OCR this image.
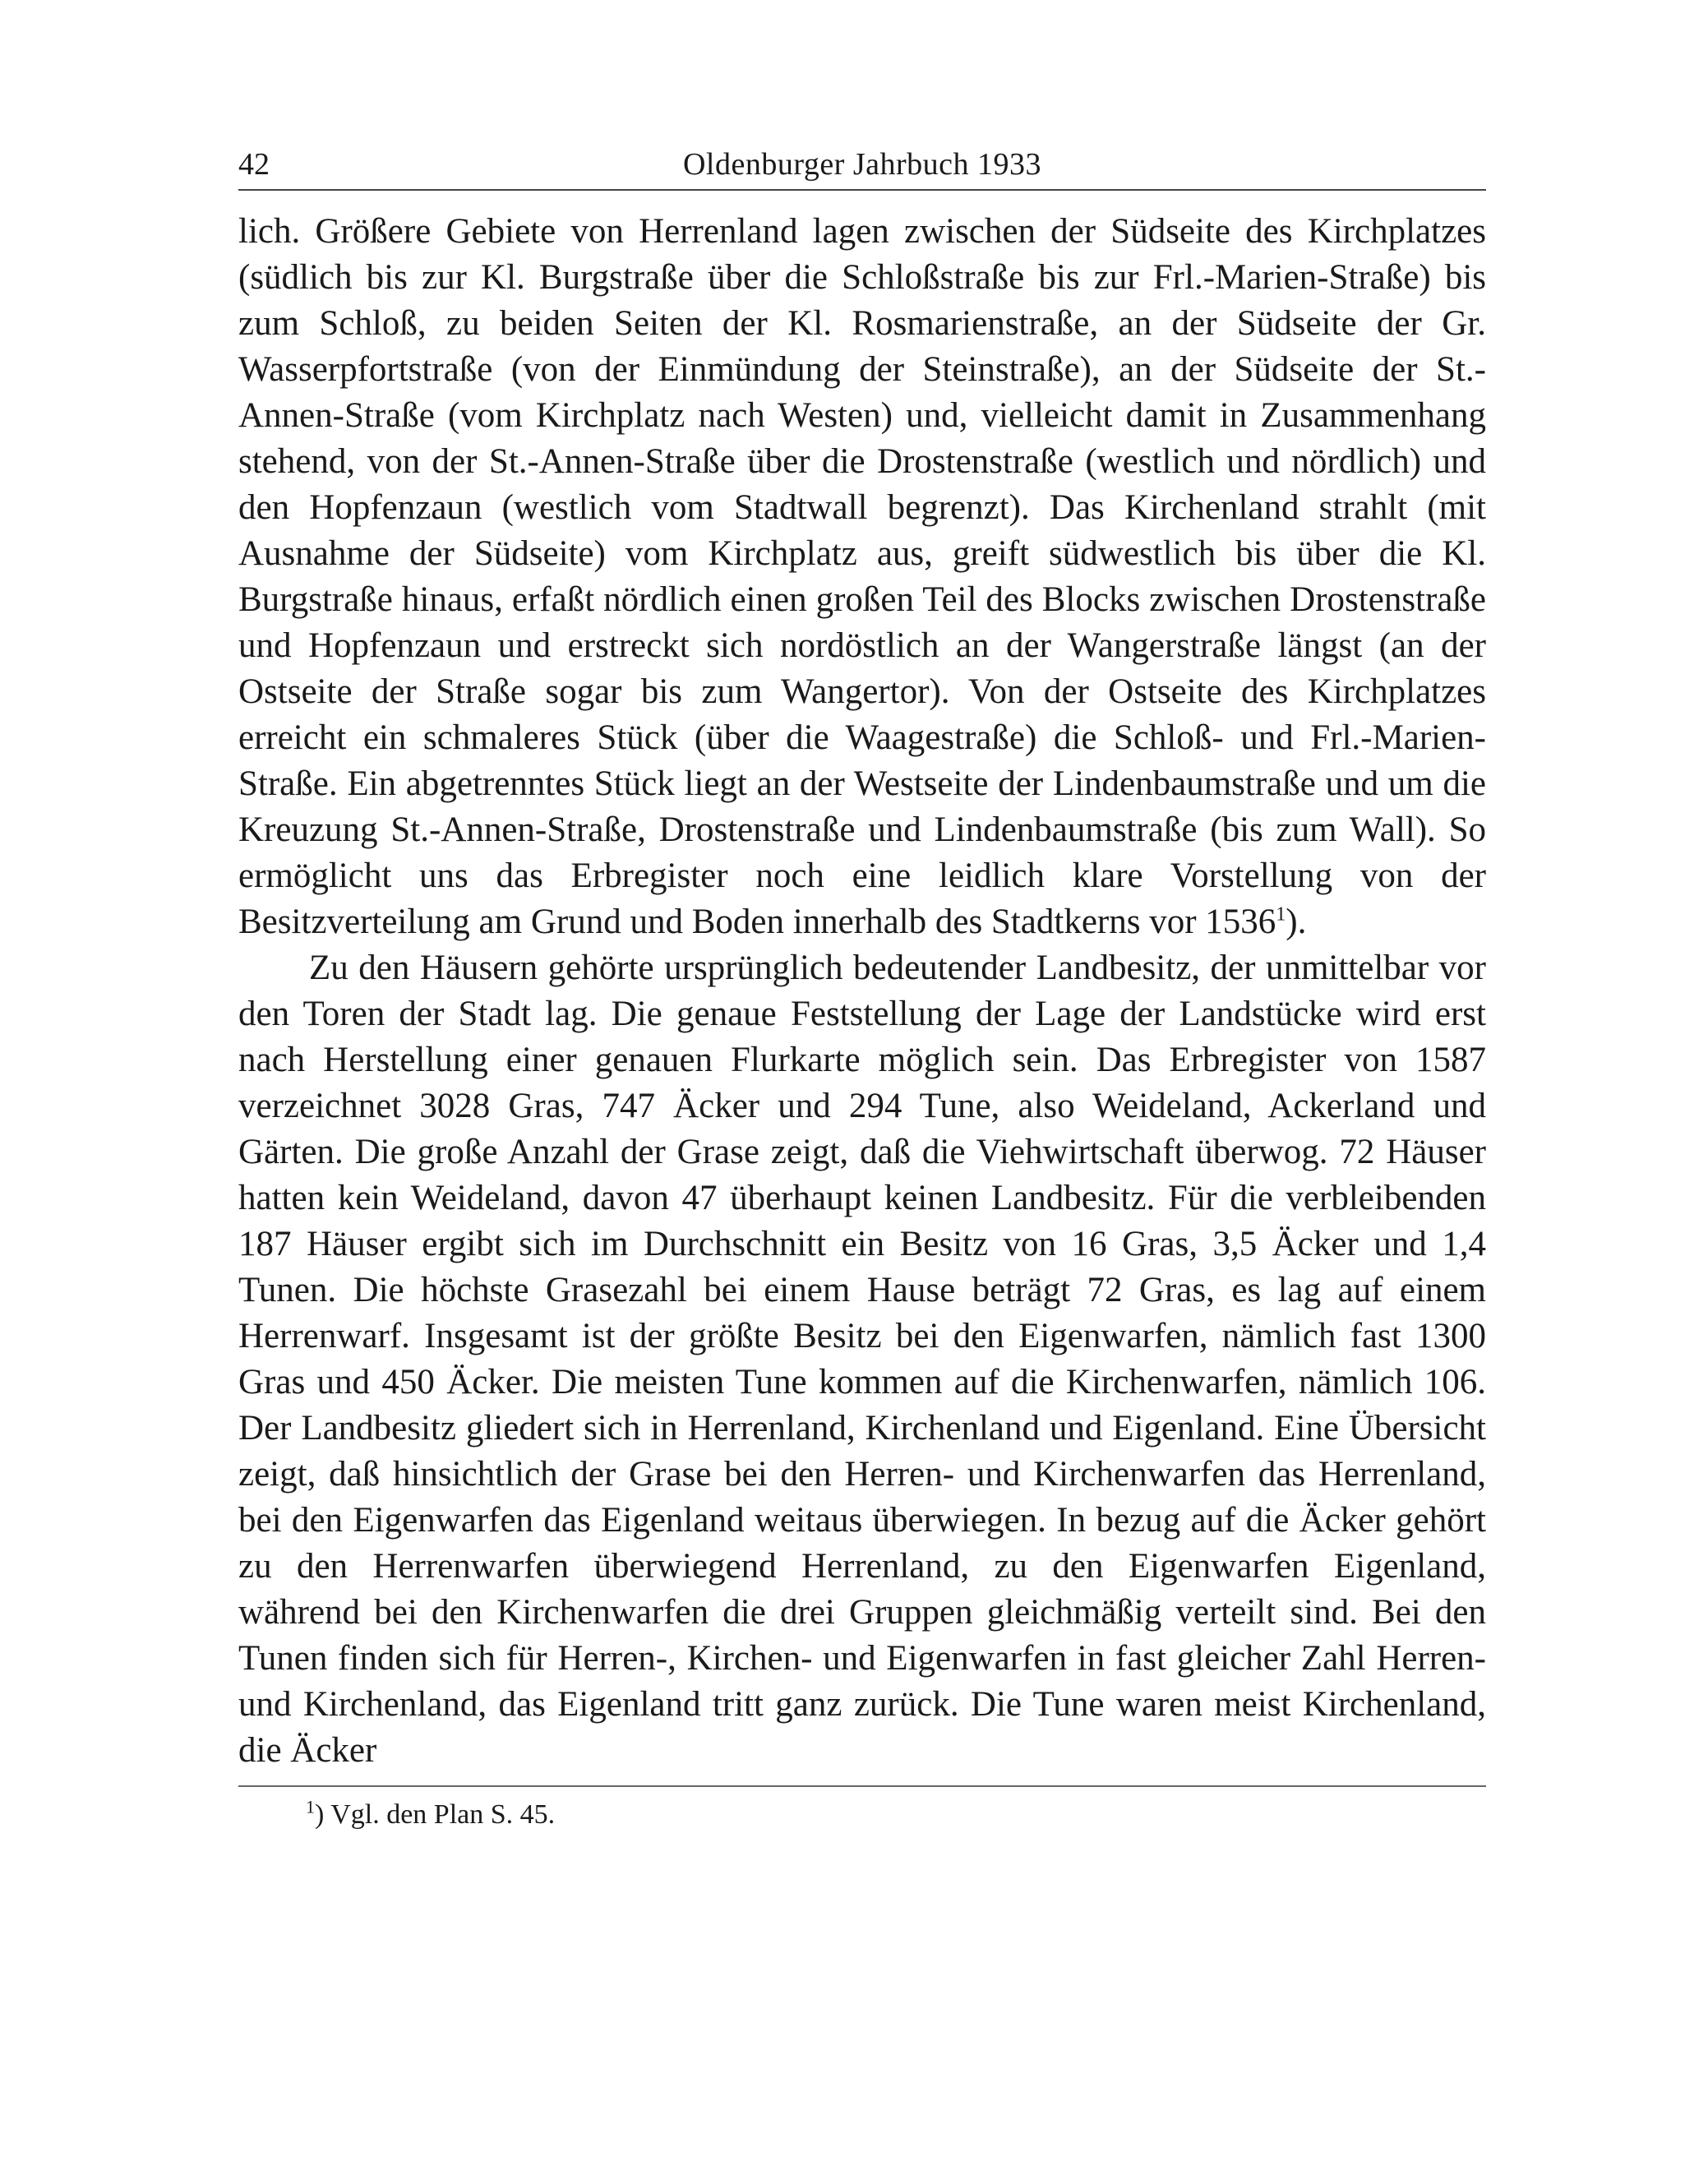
42	Oldenburger Jahrbuch 1933

lich. Größere Gebiete von Herrenland lagen zwischen der Südseite des Kirchplatzes (südlich bis zur Kl. Burgstraße über die Schloßstraße bis zur Frl.-Marien-Straße) bis zum Schloß, zu beiden Seiten der Kl. Rosmarienstraße, an der Südseite der Gr. Wasserpfortstraße (von der Einmündung der Steinstraße), an der Südseite der St.-Annen-Straße (vom Kirchplatz nach Westen) und, vielleicht damit in Zusammenhang stehend, von der St.-Annen-Straße über die Drostenstraße (westlich und nördlich) und den Hopfenzaun (westlich vom Stadtwall begrenzt). Das Kirchenland strahlt (mit Ausnahme der Südseite) vom Kirchplatz aus, greift südwestlich bis über die Kl. Burgstraße hinaus, erfaßt nördlich einen großen Teil des Blocks zwischen Drostenstraße und Hopfenzaun und erstreckt sich nordöstlich an der Wangerstraße längst (an der Ostseite der Straße sogar bis zum Wangertor). Von der Ostseite des Kirchplatzes erreicht ein schmaleres Stück (über die Waagestraße) die Schloß- und Frl.-Marien-Straße. Ein abgetrenntes Stück liegt an der Westseite der Lindenbaumstraße und um die Kreuzung St.-Annen-Straße, Drostenstraße und Lindenbaumstraße (bis zum Wall). So ermöglicht uns das Erbregister noch eine leidlich klare Vorstellung von der Besitzverteilung am Grund und Boden innerhalb des Stadtkerns vor 1536$^1$).

Zu den Häusern gehörte ursprünglich bedeutender Landbesitz, der unmittelbar vor den Toren der Stadt lag. Die genaue Feststellung der Lage der Landstücke wird erst nach Herstellung einer genauen Flurkarte möglich sein. Das Erbregister von 1587 verzeichnet 3028 Gras, 747 Äcker und 294 Tune, also Weideland, Ackerland und Gärten. Die große Anzahl der Grase zeigt, daß die Viehwirtschaft überwog. 72 Häuser hatten kein Weideland, davon 47 überhaupt keinen Landbesitz. Für die verbleibenden 187 Häuser ergibt sich im Durchschnitt ein Besitz von 16 Gras, 3,5 Äcker und 1,4 Tunen. Die höchste Grasezahl bei einem Hause beträgt 72 Gras, es lag auf einem Herrenwarf. Insgesamt ist der größte Besitz bei den Eigenwarfen, nämlich fast 1300 Gras und 450 Äcker. Die meisten Tune kommen auf die Kirchenwarfen, nämlich 106. Der Landbesitz gliedert sich in Herrenland, Kirchenland und Eigenland. Eine Übersicht zeigt, daß hinsichtlich der Grase bei den Herren- und Kirchenwarfen das Herrenland, bei den Eigenwarfen das Eigenland weitaus überwiegen. In bezug auf die Äcker gehört zu den Herrenwarfen überwiegend Herrenland, zu den Eigenwarfen Eigenland, während bei den Kirchenwarfen die drei Gruppen gleichmäßig verteilt sind. Bei den Tunen finden sich für Herren-, Kirchen- und Eigenwarfen in fast gleicher Zahl Herren- und Kirchenland, das Eigenland tritt ganz zurück. Die Tune waren meist Kirchenland, die Äcker

$^1$) Vgl. den Plan S. 45.
